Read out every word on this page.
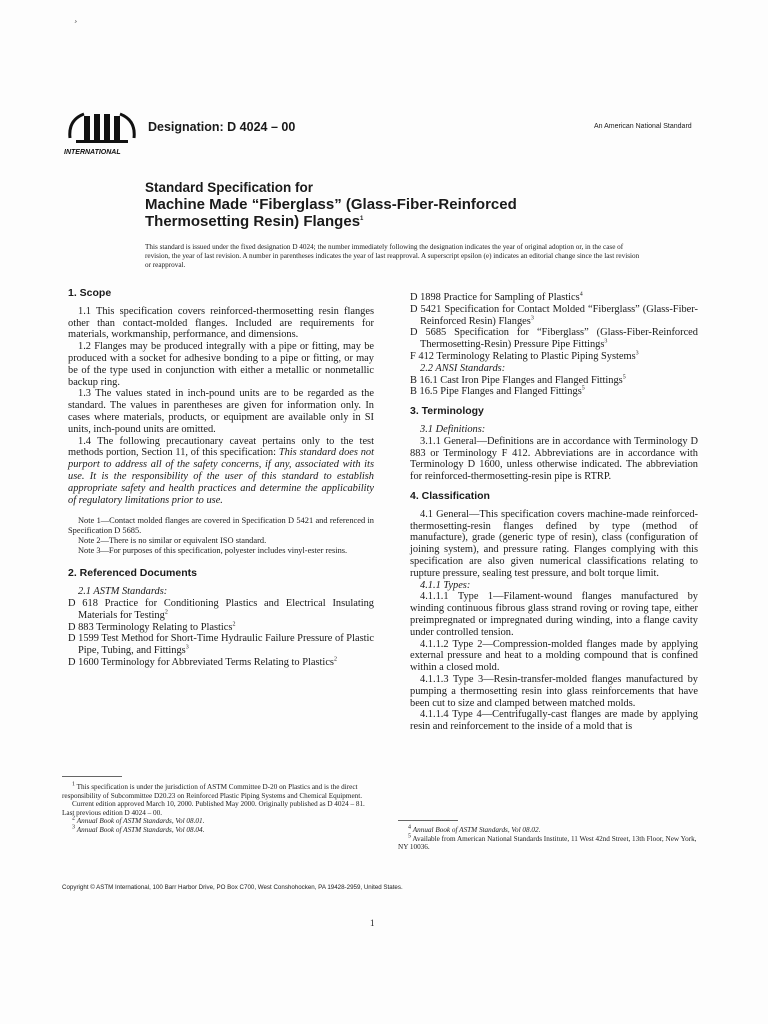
¸
INTERNATIONAL
Designation: D 4024 – 00	An American National Standard
Standard Specification for
Machine Made “Fiberglass” (Glass-Fiber-Reinforced Thermosetting Resin) Flanges$^1$
This standard is issued under the fixed designation D 4024; the number immediately following the designation indicates the year of original adoption or, in the case of revision, the year of last revision. A number in parentheses indicates the year of last reapproval. A superscript epsilon (e) indicates an editorial change since the last revision or reapproval.
1. Scope

1.1 This specification covers reinforced-thermosetting resin flanges other than contact-molded flanges. Included are requirements for materials, workmanship, performance, and dimensions.

1.2 Flanges may be produced integrally with a pipe or fitting, may be produced with a socket for adhesive bonding to a pipe or fitting, or may be of the type used in conjunction with either a metallic or nonmetallic backup ring.

1.3 The values stated in inch-pound units are to be regarded as the standard. The values in parentheses are given for information only. In cases where materials, products, or equipment are available only in SI units, inch-pound units are omitted.

1.4 The following precautionary caveat pertains only to the test methods portion, Section 11, of this specification: This standard does not purport to address all of the safety concerns, if any, associated with its use. It is the responsibility of the user of this standard to establish appropriate safety and health practices and determine the applicability of regulatory limitations prior to use.

Note 1—Contact molded flanges are covered in Specification D 5421 and referenced in Specification D 5685.

Note 2—There is no similar or equivalent ISO standard.

Note 3—For purposes of this specification, polyester includes vinyl-ester resins.

2. Referenced Documents

2.1 ASTM Standards:

D 618 Practice for Conditioning Plastics and Electrical Insulating Materials for Testing$^2$

D 883 Terminology Relating to Plastics$^2$

D 1599 Test Method for Short-Time Hydraulic Failure Pressure of Plastic Pipe, Tubing, and Fittings$^3$

D 1600 Terminology for Abbreviated Terms Relating to Plastics$^2$

D 1898 Practice for Sampling of Plastics$^4$

D 5421 Specification for Contact Molded “Fiberglass” (Glass-Fiber-Reinforced Resin) Flanges$^3$

D 5685 Specification for “Fiberglass” (Glass-Fiber-Reinforced Thermosetting-Resin) Pressure Pipe Fittings$^3$

F 412 Terminology Relating to Plastic Piping Systems$^3$

2.2 ANSI Standards:

B 16.1 Cast Iron Pipe Flanges and Flanged Fittings$^5$

B 16.5 Pipe Flanges and Flanged Fittings$^5$

3. Terminology

3.1 Definitions:

3.1.1 General—Definitions are in accordance with Terminology D 883 or Terminology F 412. Abbreviations are in accordance with Terminology D 1600, unless otherwise indicated. The abbreviation for reinforced-thermosetting-resin pipe is RTRP.

4. Classification

4.1 General—This specification covers machine-made reinforced-thermosetting-resin flanges defined by type (method of manufacture), grade (generic type of resin), class (configuration of joining system), and pressure rating. Flanges complying with this specification are also given numerical classifications relating to rupture pressure, sealing test pressure, and bolt torque limit.

4.1.1 Types:

4.1.1.1 Type 1—Filament-wound flanges manufactured by winding continuous fibrous glass strand roving or roving tape, either preimpregnated or impregnated during winding, into a flange cavity under controlled tension.

4.1.1.2 Type 2—Compression-molded flanges made by applying external pressure and heat to a molding compound that is confined within a closed mold.

4.1.1.3 Type 3—Resin-transfer-molded flanges manufactured by pumping a thermosetting resin into glass reinforcements that have been cut to size and clamped between matched molds.

4.1.1.4 Type 4—Centrifugally-cast flanges are made by applying resin and reinforcement to the inside of a mold that is

$^1$ This specification is under the jurisdiction of ASTM Committee D-20 on Plastics and is the direct responsibility of Subcommittee D20.23 on Reinforced Plastic Piping Systems and Chemical Equipment.

Current edition approved March 10, 2000. Published May 2000. Originally published as D 4024 – 81. Last previous edition D 4024 – 00.

$^2$ Annual Book of ASTM Standards, Vol 08.01.

$^3$ Annual Book of ASTM Standards, Vol 08.04.	$^4$ Annual Book of ASTM Standards, Vol 08.02.

$^5$ Available from American National Standards Institute, 11 West 42nd Street, 13th Floor, New York, NY 10036.

Copyright © ASTM International, 100 Barr Harbor Drive, PO Box C700, West Conshohocken, PA 19428-2959, United States.
1
